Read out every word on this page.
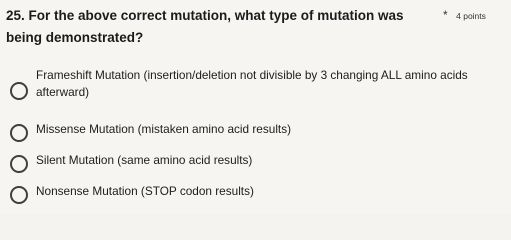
25. For the above correct mutation, what type of mutation was being demonstrated?
* 4 points
Frameshift Mutation (insertion/deletion not divisible by 3 changing ALL amino acids afterward)
Missense Mutation (mistaken amino acid results)
Silent Mutation (same amino acid results)
Nonsense Mutation (STOP codon results)
